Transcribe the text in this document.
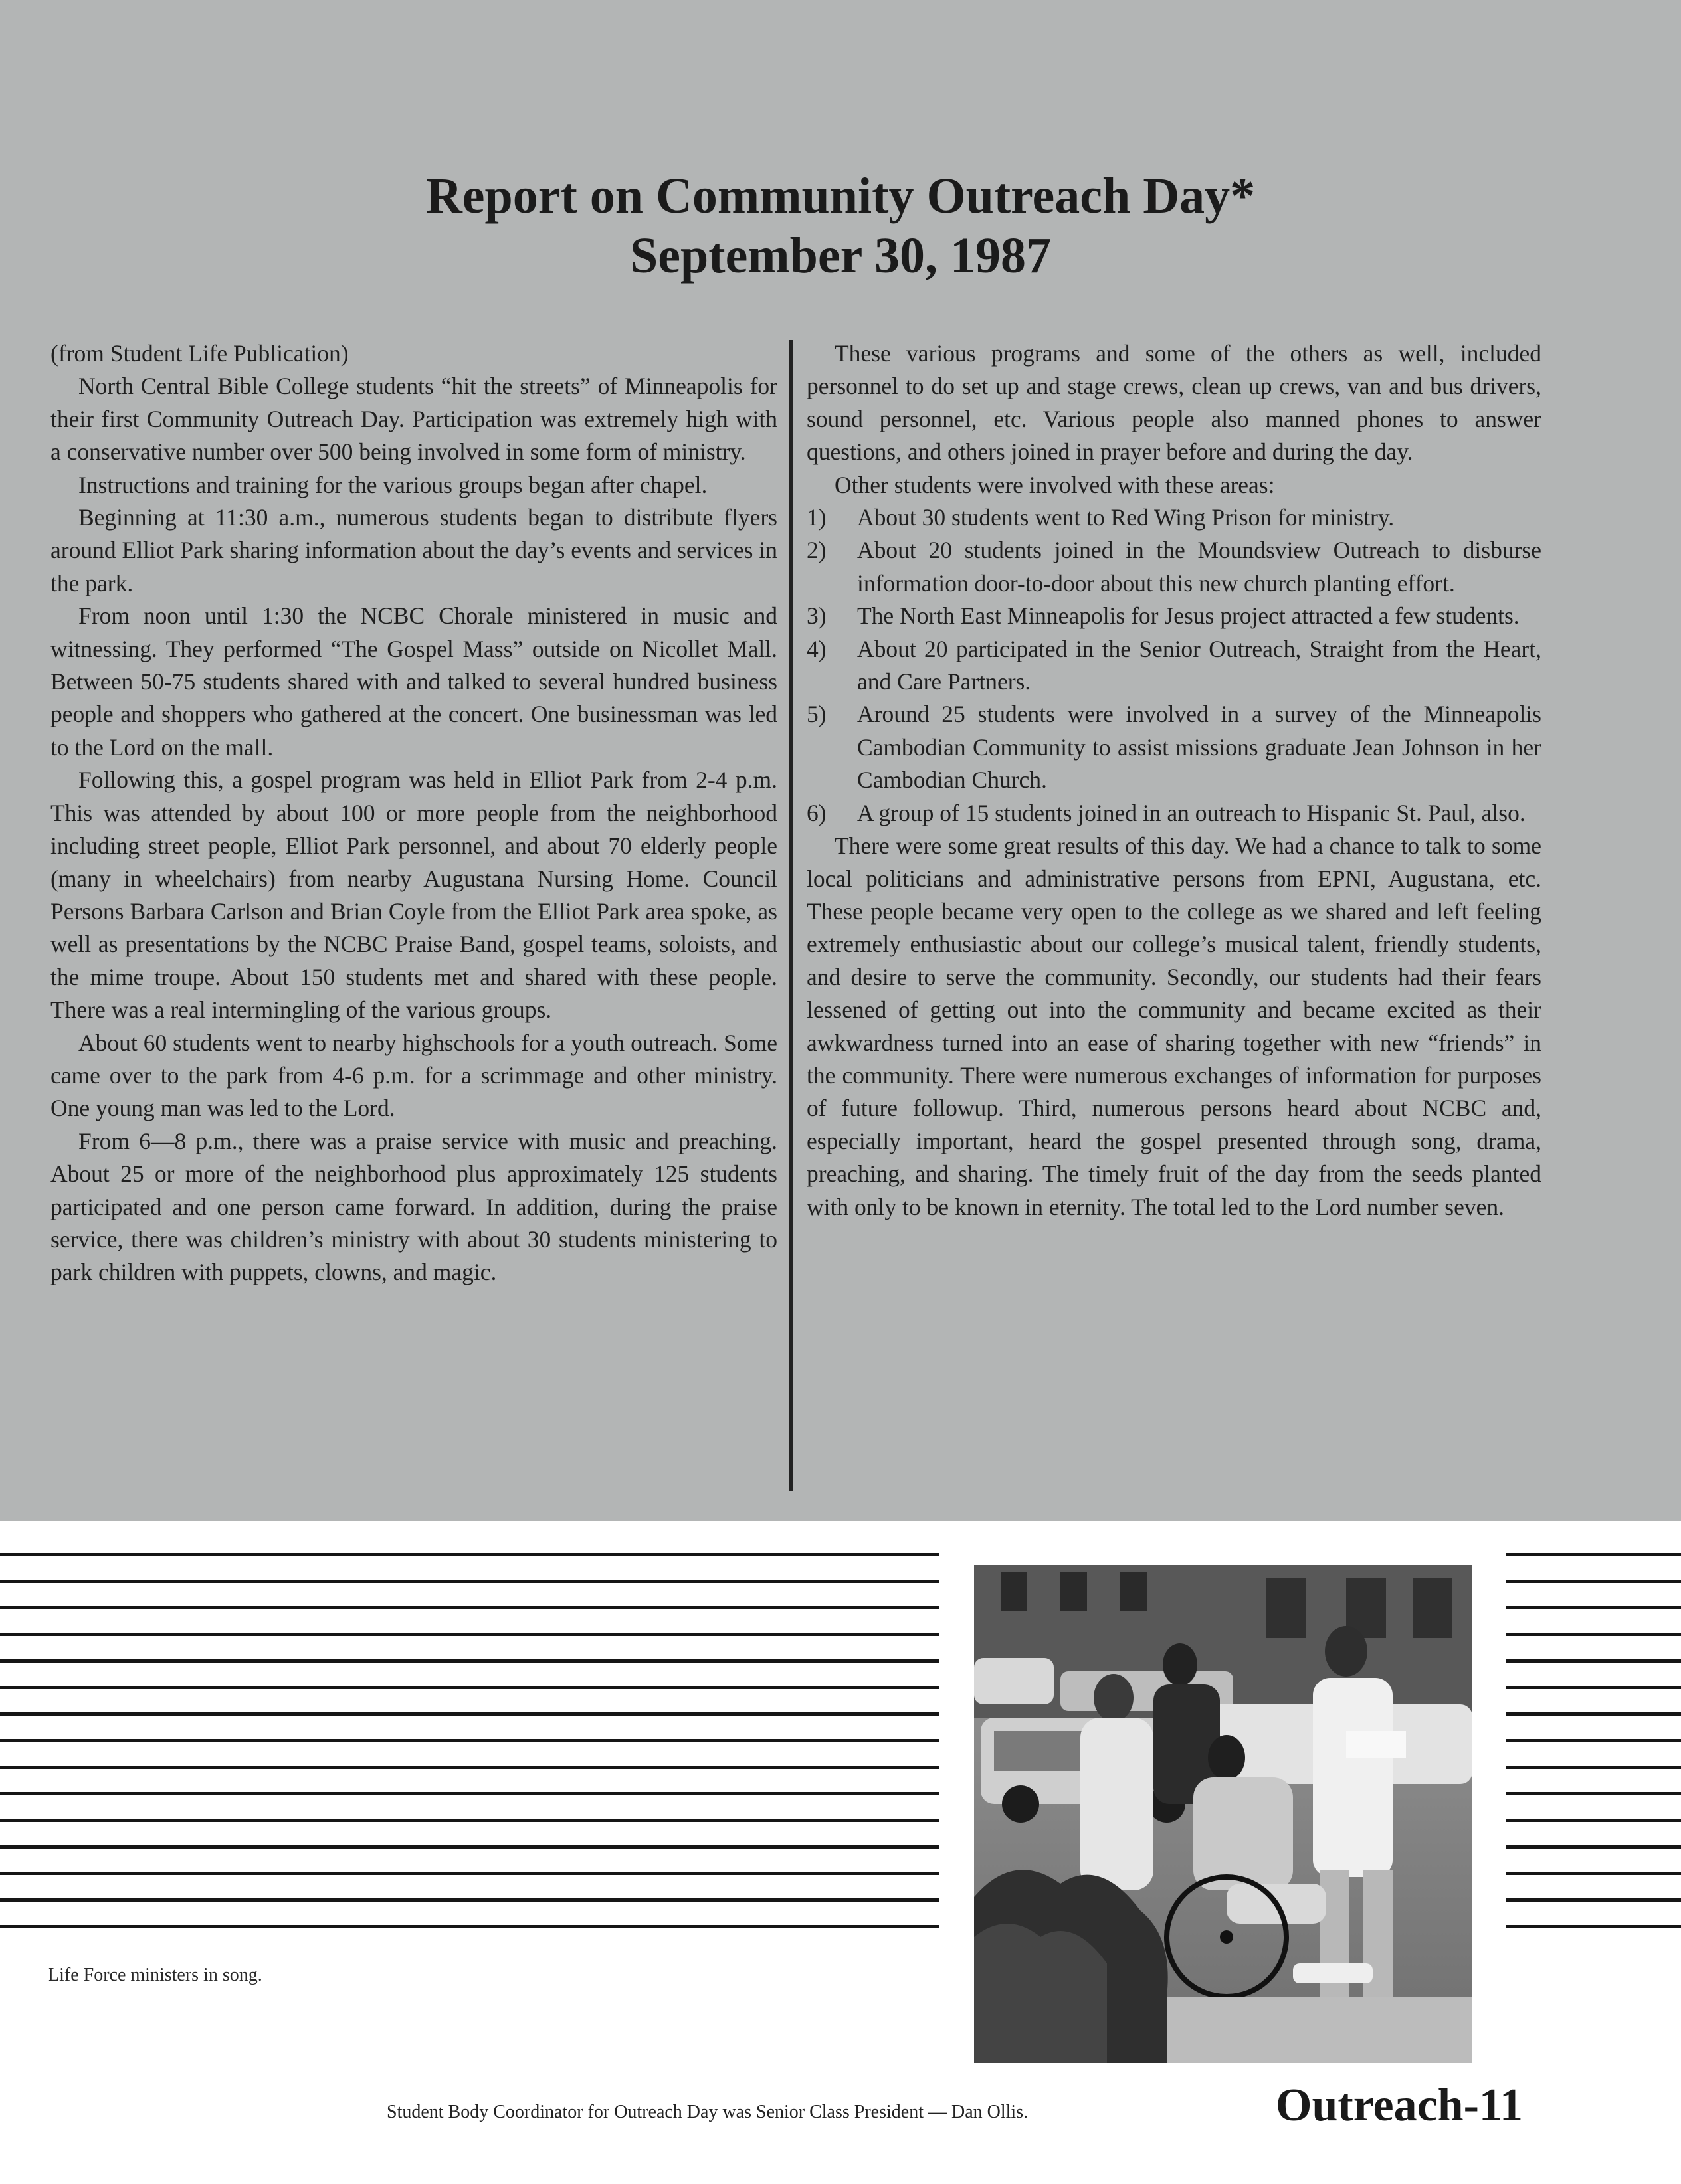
Report on Community Outreach Day*
September 30, 1987

(from Student Life Publication)

North Central Bible College students “hit the streets” of Minneapolis for their first Community Outreach Day. Participation was extremely high with a conservative number over 500 being involved in some form of ministry.

Instructions and training for the various groups began after chapel.

Beginning at 11:30 a.m., numerous students began to distribute flyers around Elliot Park sharing information about the day’s events and services in the park.

From noon until 1:30 the NCBC Chorale ministered in music and witnessing. They performed “The Gospel Mass” outside on Nicollet Mall. Between 50-75 students shared with and talked to several hundred business people and shoppers who gathered at the concert. One businessman was led to the Lord on the mall.

Following this, a gospel program was held in Elliot Park from 2-4 p.m. This was attended by about 100 or more people from the neighborhood including street people, Elliot Park personnel, and about 70 elderly people (many in wheelchairs) from nearby Augustana Nursing Home. Council Persons Barbara Carlson and Brian Coyle from the Elliot Park area spoke, as well as presentations by the NCBC Praise Band, gospel teams, soloists, and the mime troupe. About 150 students met and shared with these people. There was a real intermingling of the various groups.

About 60 students went to nearby highschools for a youth outreach. Some came over to the park from 4-6 p.m. for a scrimmage and other ministry. One young man was led to the Lord.

From 6—8 p.m., there was a praise service with music and preaching. About 25 or more of the neighborhood plus approximately 125 students participated and one person came forward. In addition, during the praise service, there was children’s ministry with about 30 students ministering to park children with puppets, clowns, and magic.

These various programs and some of the others as well, included personnel to do set up and stage crews, clean up crews, van and bus drivers, sound personnel, etc. Various people also manned phones to answer questions, and others joined in prayer before and during the day.

Other students were involved with these areas:

1)	About 30 students went to Red Wing Prison for ministry.
2)	About 20 students joined in the Moundsview Outreach to disburse information door-to-door about this new church planting effort.
3)	The North East Minneapolis for Jesus project attracted a few students.
4)	About 20 participated in the Senior Outreach, Straight from the Heart, and Care Partners.
5)	Around 25 students were involved in a survey of the Minneapolis Cambodian Community to assist missions graduate Jean Johnson in her Cambodian Church.
6)	A group of 15 students joined in an outreach to Hispanic St. Paul, also.

There were some great results of this day. We had a chance to talk to some local politicians and administrative persons from EPNI, Augustana, etc. These people became very open to the college as we shared and left feeling extremely enthusiastic about our college’s musical talent, friendly students, and desire to serve the community. Secondly, our students had their fears lessened of getting out into the community and became excited as their awkwardness turned into an ease of sharing together with new “friends” in the community. There were numerous exchanges of information for purposes of future followup. Third, numerous persons heard about NCBC and, especially important, heard the gospel presented through song, drama, preaching, and sharing. The timely fruit of the day from the seeds planted with only to be known in eternity. The total led to the Lord number seven.

Life Force ministers in song.
Student Body Coordinator for Outreach Day was Senior Class President — Dan Ollis.	Outreach-11
